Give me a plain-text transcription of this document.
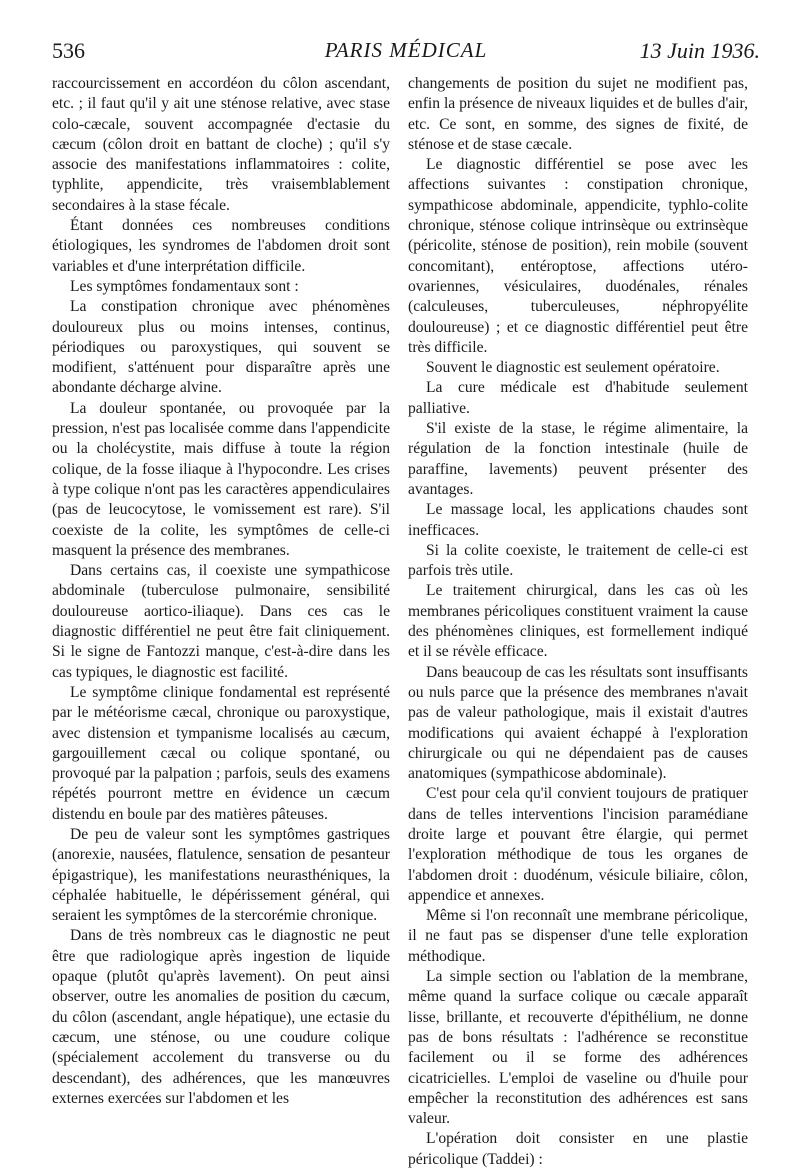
536	PARIS MÉDICAL	13 Juin 1936.

raccourcissement en accordéon du côlon ascendant, etc. ; il faut qu'il y ait une sténose relative, avec stase colo-cæcale, souvent accompagnée d'ectasie du cæcum (côlon droit en battant de cloche) ; qu'il s'y associe des manifestations inflammatoires : colite, typhlite, appendicite, très vraisemblablement secondaires à la stase fécale.

Étant données ces nombreuses conditions étiologiques, les syndromes de l'abdomen droit sont variables et d'une interprétation difficile.

Les symptômes fondamentaux sont :

La constipation chronique avec phénomènes douloureux plus ou moins intenses, continus, périodiques ou paroxystiques, qui souvent se modifient, s'atténuent pour disparaître après une abondante décharge alvine.

La douleur spontanée, ou provoquée par la pression, n'est pas localisée comme dans l'appendicite ou la cholécystite, mais diffuse à toute la région colique, de la fosse iliaque à l'hypocondre. Les crises à type colique n'ont pas les caractères appendiculaires (pas de leucocytose, le vomissement est rare). S'il coexiste de la colite, les symptômes de celle-ci masquent la présence des membranes.

Dans certains cas, il coexiste une sympathicose abdominale (tuberculose pulmonaire, sensibilité douloureuse aortico-iliaque). Dans ces cas le diagnostic différentiel ne peut être fait cliniquement. Si le signe de Fantozzi manque, c'est-à-dire dans les cas typiques, le diagnostic est facilité.

Le symptôme clinique fondamental est représenté par le météorisme cæcal, chronique ou paroxystique, avec distension et tympanisme localisés au cæcum, gargouillement cæcal ou colique spontané, ou provoqué par la palpation ; parfois, seuls des examens répétés pourront mettre en évidence un cæcum distendu en boule par des matières pâteuses.

De peu de valeur sont les symptômes gastriques (anorexie, nausées, flatulence, sensation de pesanteur épigastrique), les manifestations neurasthéniques, la céphalée habituelle, le dépérissement général, qui seraient les symptômes de la stercorémie chronique.

Dans de très nombreux cas le diagnostic ne peut être que radiologique après ingestion de liquide opaque (plutôt qu'après lavement). On peut ainsi observer, outre les anomalies de position du cæcum, du côlon (ascendant, angle hépatique), une ectasie du cæcum, une sténose, ou une coudure colique (spécialement accolement du transverse ou du descendant), des adhérences, que les manœuvres externes exercées sur l'abdomen et les

changements de position du sujet ne modifient pas, enfin la présence de niveaux liquides et de bulles d'air, etc. Ce sont, en somme, des signes de fixité, de sténose et de stase cæcale.

Le diagnostic différentiel se pose avec les affections suivantes : constipation chronique, sympathicose abdominale, appendicite, typhlo-colite chronique, sténose colique intrinsèque ou extrinsèque (péricolite, sténose de position), rein mobile (souvent concomitant), entéroptose, affections utéro-ovariennes, vésiculaires, duodénales, rénales (calculeuses, tuberculeuses, néphropyélite douloureuse) ; et ce diagnostic différentiel peut être très difficile.

Souvent le diagnostic est seulement opératoire.

La cure médicale est d'habitude seulement palliative.

S'il existe de la stase, le régime alimentaire, la régulation de la fonction intestinale (huile de paraffine, lavements) peuvent présenter des avantages.

Le massage local, les applications chaudes sont inefficaces.

Si la colite coexiste, le traitement de celle-ci est parfois très utile.

Le traitement chirurgical, dans les cas où les membranes péricoliques constituent vraiment la cause des phénomènes cliniques, est formellement indiqué et il se révèle efficace.

Dans beaucoup de cas les résultats sont insuffisants ou nuls parce que la présence des membranes n'avait pas de valeur pathologique, mais il existait d'autres modifications qui avaient échappé à l'exploration chirurgicale ou qui ne dépendaient pas de causes anatomiques (sympathicose abdominale).

C'est pour cela qu'il convient toujours de pratiquer dans de telles interventions l'incision paramédiane droite large et pouvant être élargie, qui permet l'exploration méthodique de tous les organes de l'abdomen droit : duodénum, vésicule biliaire, côlon, appendice et annexes.

Même si l'on reconnaît une membrane péricolique, il ne faut pas se dispenser d'une telle exploration méthodique.

La simple section ou l'ablation de la membrane, même quand la surface colique ou cæcale apparaît lisse, brillante, et recouverte d'épithélium, ne donne pas de bons résultats : l'adhérence se reconstitue facilement ou il se forme des adhérences cicatricielles. L'emploi de vaseline ou d'huile pour empêcher la reconstitution des adhérences est sans valeur.

L'opération doit consister en une plastie péricolique (Taddei) :
